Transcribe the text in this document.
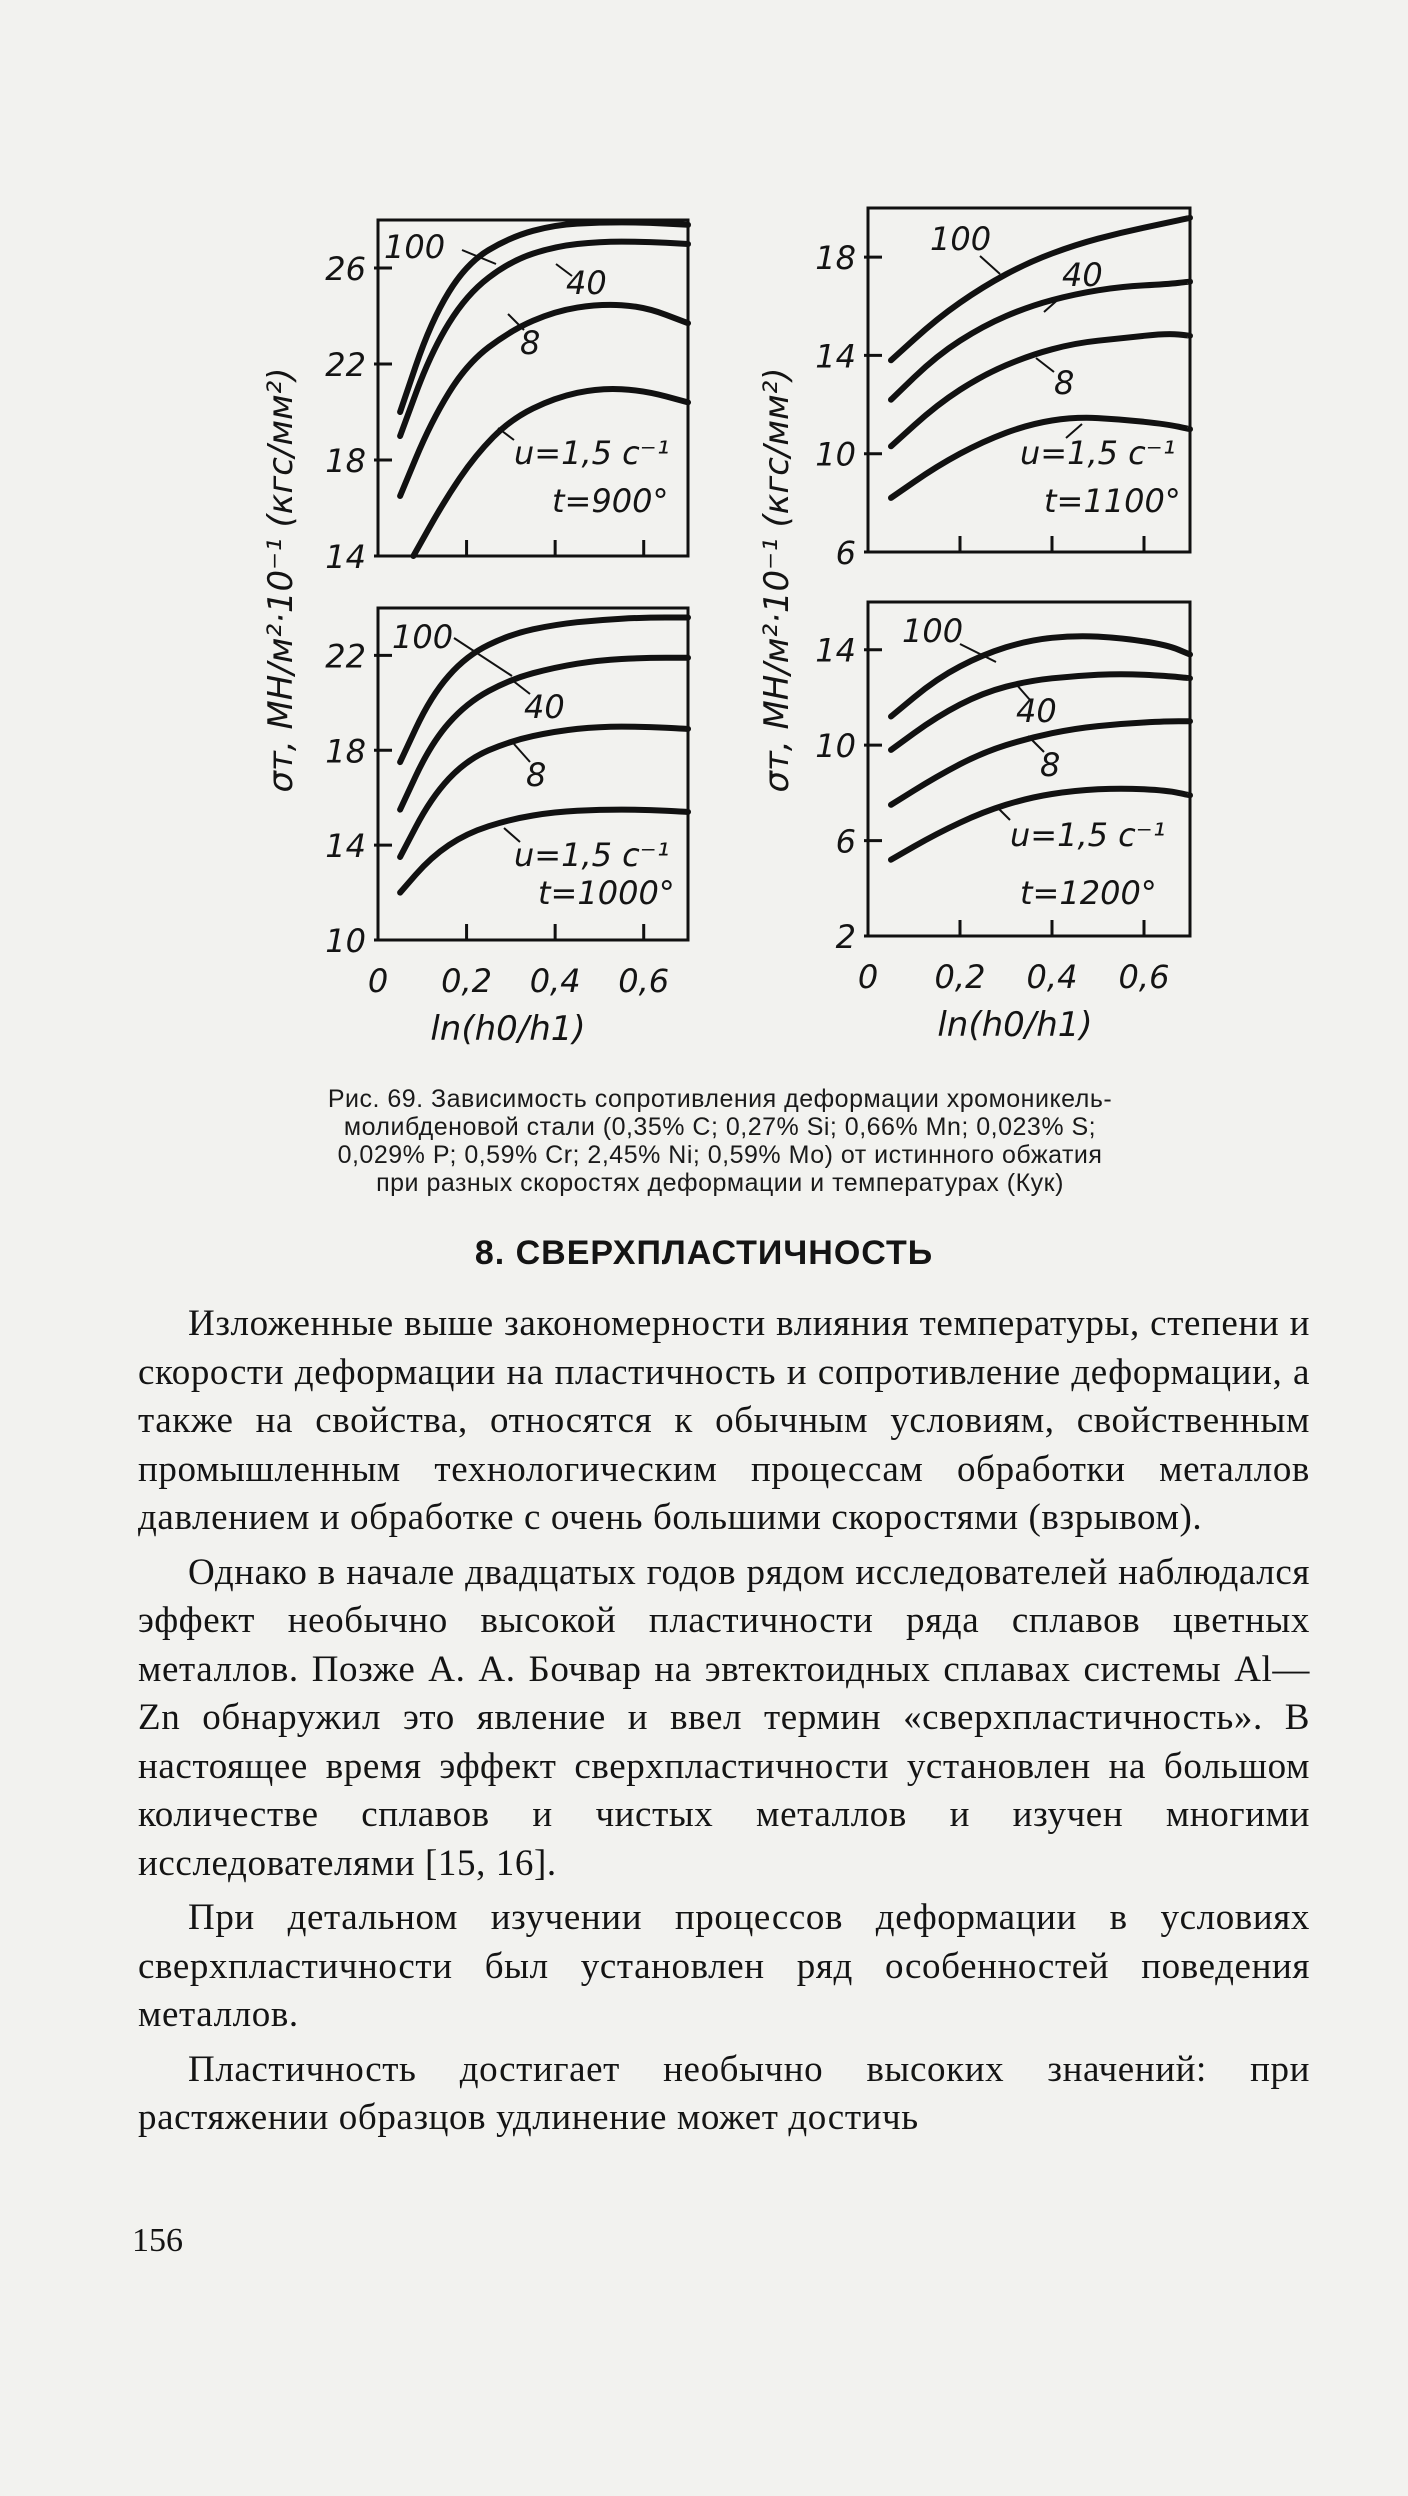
14
18
22
26
6
10
14
18
10
14
18
22
0 0,2 0,4 0,6
2
6
10
14
0 0,2 0,4 0,6
σт, МН/м²·10⁻¹ (кгс/мм²)	σт, МН/м²·10⁻¹ (кгс/мм²)
ln(h0/h1)	ln(h0/h1)
100
40
8
u=1,5 с⁻¹
t=900°
100
40
8
u=1,5 с⁻¹
t=1100°
100
40
8
u=1,5 с⁻¹
t=1000°
100
40
8
u=1,5 с⁻¹
t=1200°
Рис. 69. Зависимость сопротивления деформации хромоникель-
молибденовой стали (0,35% С; 0,27% Si; 0,66% Mn; 0,023% S;
0,029% Р; 0,59% Cr; 2,45% Ni; 0,59% Мо) от истинного обжатия
при разных скоростях деформации и температурах (Кук)
8. СВЕРХПЛАСТИЧНОСТЬ

Изложенные выше закономерности влияния температуры, степени и скорости деформации на пластичность и сопротивление деформации, а также на свойства, относятся к обычным условиям, свойственным промышленным технологическим процессам обработки металлов давлением и обработке с очень большими скоростями (взрывом).

Однако в начале двадцатых годов рядом исследователей наблюдался эффект необычно высокой пластичности ряда сплавов цветных металлов. Позже А. А. Бочвар на эвтектоидных сплавах системы Al—Zn обнаружил это явление и ввел термин «сверхпластичность». В настоящее время эффект сверхпластичности установлен на большом количестве сплавов и чистых металлов и изучен многими исследователями [15, 16].

При детальном изучении процессов деформации в условиях сверхпластичности был установлен ряд особенностей поведения металлов.

Пластичность достигает необычно высоких значений: при растяжении образцов удлинение может достичь

156
